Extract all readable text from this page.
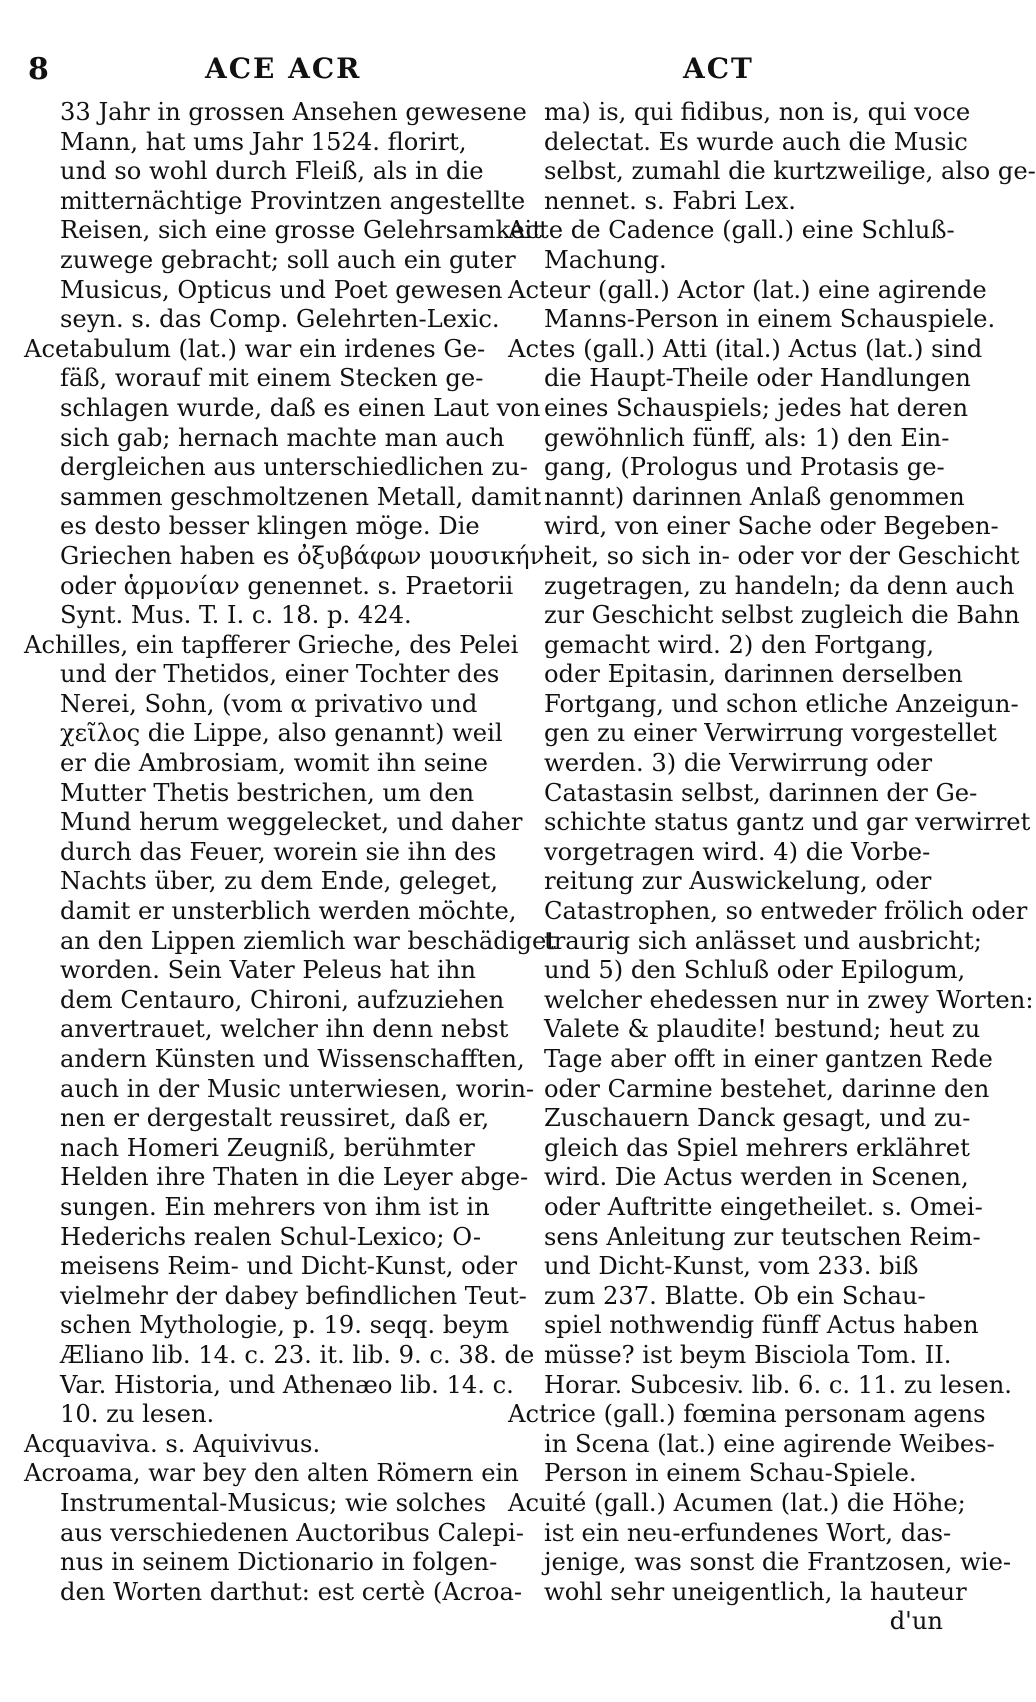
8	ACE ACR	ACT
33 Jahr in grossen Ansehen gewesene
Mann, hat ums Jahr 1524. florirt,
und so wohl durch Fleiß, als in die
mitternächtige Provintzen angestellte
Reisen, sich eine grosse Gelehrsamkeit
zuwege gebracht; soll auch ein guter
Musicus, Opticus und Poet gewesen
seyn. s. das Comp. Gelehrten-Lexic.
Acetabulum (lat.) war ein irdenes Ge-
fäß, worauf mit einem Stecken ge-
schlagen wurde, daß es einen Laut von
sich gab; hernach machte man auch
dergleichen aus unterschiedlichen zu-
sammen geschmoltzenen Metall, damit
es desto besser klingen möge. Die
Griechen haben es ὀξυβάφων μουσικήν
oder ἁρμονίαν genennet. s. Praetorii
Synt. Mus. T. I. c. 18. p. 424.
Achilles, ein tapfferer Grieche, des Pelei
und der Thetidos, einer Tochter des
Nerei, Sohn, (vom α privativo und
χεῖλος die Lippe, also genannt) weil
er die Ambrosiam, womit ihn seine
Mutter Thetis bestrichen, um den
Mund herum weggelecket, und daher
durch das Feuer, worein sie ihn des
Nachts über, zu dem Ende, geleget,
damit er unsterblich werden möchte,
an den Lippen ziemlich war beschädiget
worden. Sein Vater Peleus hat ihn
dem Centauro, Chironi, aufzuziehen
anvertrauet, welcher ihn denn nebst
andern Künsten und Wissenschafften,
auch in der Music unterwiesen, worin-
nen er dergestalt reussiret, daß er,
nach Homeri Zeugniß, berühmter
Helden ihre Thaten in die Leyer abge-
sungen. Ein mehrers von ihm ist in
Hederichs realen Schul-Lexico; O-
meisens Reim- und Dicht-Kunst, oder
vielmehr der dabey befindlichen Teut-
schen Mythologie, p. 19. seqq. beym
Æliano lib. 14. c. 23. it. lib. 9. c. 38. de
Var. Historia, und Athenæo lib. 14. c.
10. zu lesen.
Acquaviva. s. Aquivivus.
Acroama, war bey den alten Römern ein
Instrumental-Musicus; wie solches
aus verschiedenen Auctoribus Calepi-
nus in seinem Dictionario in folgen-
den Worten darthut: est certè (Acroa-
ma) is, qui fidibus, non is, qui voce
delectat. Es wurde auch die Music
selbst, zumahl die kurtzweilige, also ge-
nennet. s. Fabri Lex.
Acte de Cadence (gall.) eine Schluß-
Machung.
Acteur (gall.) Actor (lat.) eine agirende
Manns-Person in einem Schauspiele.
Actes (gall.) Atti (ital.) Actus (lat.) sind
die Haupt-Theile oder Handlungen
eines Schauspiels; jedes hat deren
gewöhnlich fünff, als: 1) den Ein-
gang, (Prologus und Protasis ge-
nannt) darinnen Anlaß genommen
wird, von einer Sache oder Begeben-
heit, so sich in- oder vor der Geschicht
zugetragen, zu handeln; da denn auch
zur Geschicht selbst zugleich die Bahn
gemacht wird. 2) den Fortgang,
oder Epitasin, darinnen derselben
Fortgang, und schon etliche Anzeigun-
gen zu einer Verwirrung vorgestellet
werden. 3) die Verwirrung oder
Catastasin selbst, darinnen der Ge-
schichte status gantz und gar verwirret
vorgetragen wird. 4) die Vorbe-
reitung zur Auswickelung, oder
Catastrophen, so entweder frölich oder
traurig sich anlässet und ausbricht;
und 5) den Schluß oder Epilogum,
welcher ehedessen nur in zwey Worten:
Valete & plaudite! bestund; heut zu
Tage aber offt in einer gantzen Rede
oder Carmine bestehet, darinne den
Zuschauern Danck gesagt, und zu-
gleich das Spiel mehrers erklähret
wird. Die Actus werden in Scenen,
oder Auftritte eingetheilet. s. Omei-
sens Anleitung zur teutschen Reim-
und Dicht-Kunst, vom 233. biß
zum 237. Blatte. Ob ein Schau-
spiel nothwendig fünff Actus haben
müsse? ist beym Bisciola Tom. II.
Horar. Subcesiv. lib. 6. c. 11. zu lesen.
Actrice (gall.) fœmina personam agens
in Scena (lat.) eine agirende Weibes-
Person in einem Schau-Spiele.
Acuité (gall.) Acumen (lat.) die Höhe;
ist ein neu-erfundenes Wort, das-
jenige, was sonst die Frantzosen, wie-
wohl sehr uneigentlich, la hauteur
d'un
